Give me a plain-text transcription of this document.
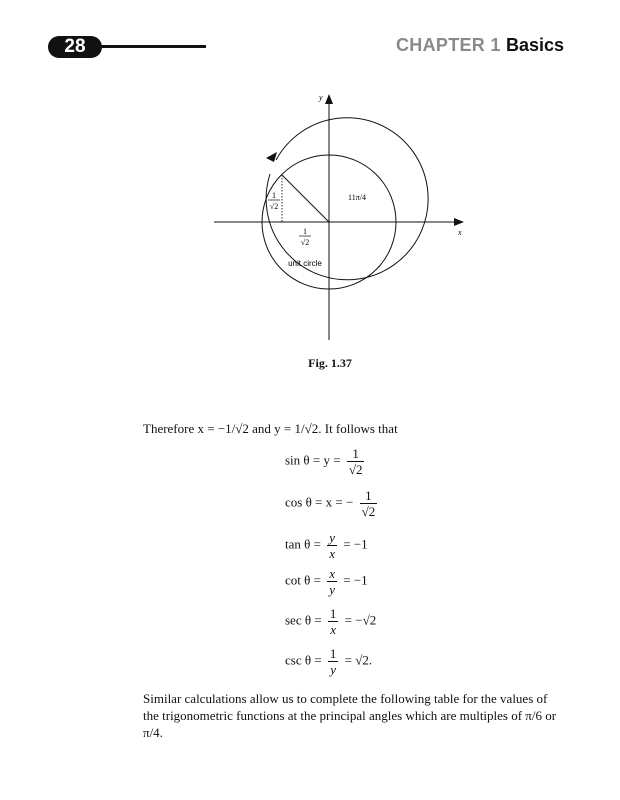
28	CHAPTER 1 Basics
x
y
11π/4
1
√2
1
√2
unit circle
Fig. 1.37
Therefore x = −1/√2 and y = 1/√2. It follows that
$\sin \theta = y = \frac{1}{√2}$
cos θ = x = − $\frac{1}{√2}$
$\tan \theta = \frac{y}{x} = -1$
$\cot \theta = \frac{x}{y} = -1$
$\sec \theta = \frac{1}{x} = -√2$
$\csc \theta = \frac{1}{y} = √2$.
Similar calculations allow us to complete the following table for the values of the trigonometric functions at the principal angles which are multiples of π/6 or π/4.
